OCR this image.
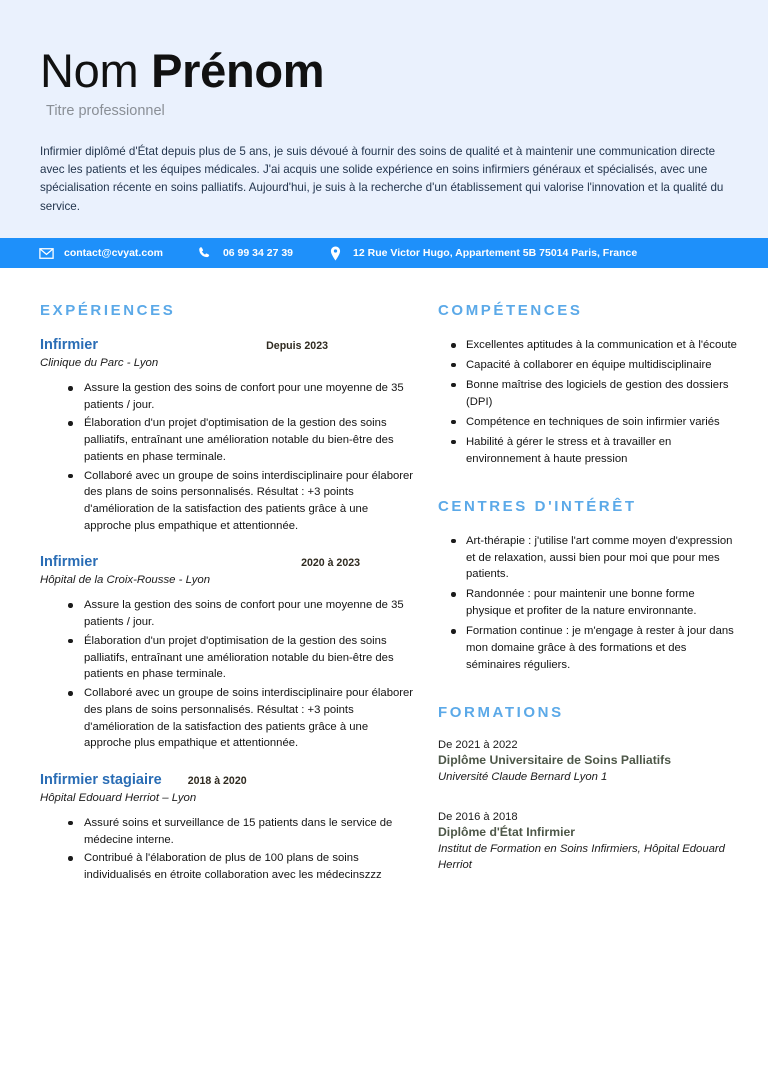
Nom Prénom
Titre professionnel

Infirmier diplômé d'État depuis plus de 5 ans, je suis dévoué à fournir des soins de qualité et à maintenir une communication directe avec les patients et les équipes médicales. J'ai acquis une solide expérience en soins infirmiers généraux et spécialisés, avec une spécialisation récente en soins palliatifs. Aujourd'hui, je suis à la recherche d'un établissement qui valorise l'innovation et la qualité du service.

contact@cvyat.com	06 99 34 27 39	12 Rue Victor Hugo, Appartement 5B 75014 Paris, France
EXPÉRIENCES
Infirmier	Depuis 2023
Clinique du Parc - Lyon
Assure la gestion des soins de confort pour une moyenne de 35 patients / jour.
Élaboration d'un projet d'optimisation de la gestion des soins palliatifs, entraînant une amélioration notable du bien-être des patients en phase terminale.
Collaboré avec un groupe de soins interdisciplinaire pour élaborer des plans de soins personnalisés. Résultat : +3 points d'amélioration de la satisfaction des patients grâce à une approche plus empathique et attentionnée.
Infirmier	2020 à 2023
Hôpital de la Croix-Rousse - Lyon
Assure la gestion des soins de confort pour une moyenne de 35 patients / jour.
Élaboration d'un projet d'optimisation de la gestion des soins palliatifs, entraînant une amélioration notable du bien-être des patients en phase terminale.
Collaboré avec un groupe de soins interdisciplinaire pour élaborer des plans de soins personnalisés. Résultat : +3 points d'amélioration de la satisfaction des patients grâce à une approche plus empathique et attentionnée.
Infirmier stagiaire 2018 à 2020
Hôpital Edouard Herriot – Lyon
Assuré soins et surveillance de 15 patients dans le service de médecine interne.
Contribué à l'élaboration de plus de 100 plans de soins individualisés en étroite collaboration avec les médecinszzz
COMPÉTENCES
Excellentes aptitudes à la communication et à l'écoute
Capacité à collaborer en équipe multidisciplinaire
Bonne maîtrise des logiciels de gestion des dossiers (DPI)
Compétence en techniques de soin infirmier variés
Habilité à gérer le stress et à travailler en environnement à haute pression
CENTRES D'INTÉRÊT
Art-thérapie : j'utilise l'art comme moyen d'expression et de relaxation, aussi bien pour moi que pour mes patients.
Randonnée : pour maintenir une bonne forme physique et profiter de la nature environnante.
Formation continue : je m'engage à rester à jour dans mon domaine grâce à des formations et des séminaires réguliers.
FORMATIONS
De 2021 à 2022
Diplôme Universitaire de Soins Palliatifs
Université Claude Bernard Lyon 1
De 2016 à 2018
Diplôme d'État Infirmier
Institut de Formation en Soins Infirmiers, Hôpital Edouard Herriot
